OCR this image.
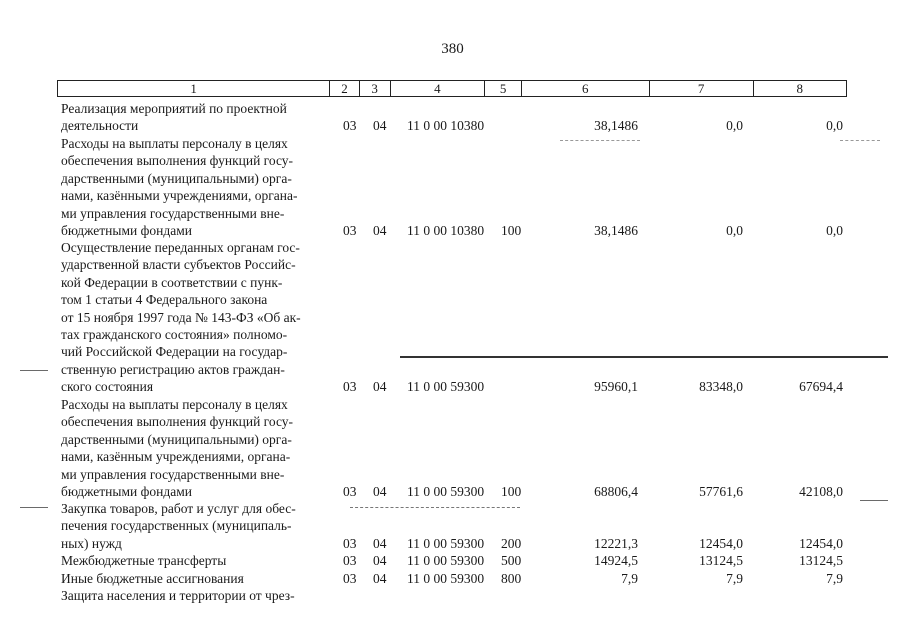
380
1	2	3	4	5	6	7	8
Реализация мероприятий по проектной
деятельности	03 04 11 0 00 10380	38,1486	0,0	0,0
Расходы на выплаты персоналу в целях
обеспечения выполнения функций госу-
дарственными (муниципальными) орга-
нами, казёнными учреждениями, органа-
ми управления государственными вне-
бюджетными фондами	03 04 11 0 00 10380 100	38,1486	0,0	0,0
Осуществление переданных органам гос-
ударственной власти субъектов Российс-
кой Федерации в соответствии с пунк-
том 1 статьи 4 Федерального закона
от 15 ноября 1997 года № 143-ФЗ «Об ак-
тах гражданского состояния» полномо-
чий Российской Федерации на государ-
ственную регистрацию актов граждан-
ского состояния	03 04 11 0 00 59300	95960,1	83348,0	67694,4
Расходы на выплаты персоналу в целях
обеспечения выполнения функций госу-
дарственными (муниципальными) орга-
нами, казённым учреждениями, органа-
ми управления государственными вне-
бюджетными фондами	03 04 11 0 00 59300 100	68806,4	57761,6	42108,0
Закупка товаров, работ и услуг для обес-
печения государственных (муниципаль-
ных) нужд	03 04 11 0 00 59300 200	12221,3	12454,0	12454,0
Межбюджетные трансферты	03 04 11 0 00 59300 500	14924,5	13124,5	13124,5
Иные бюджетные ассигнования	03 04 11 0 00 59300 800	7,9	7,9	7,9
Защита населения и территории от чрез-
